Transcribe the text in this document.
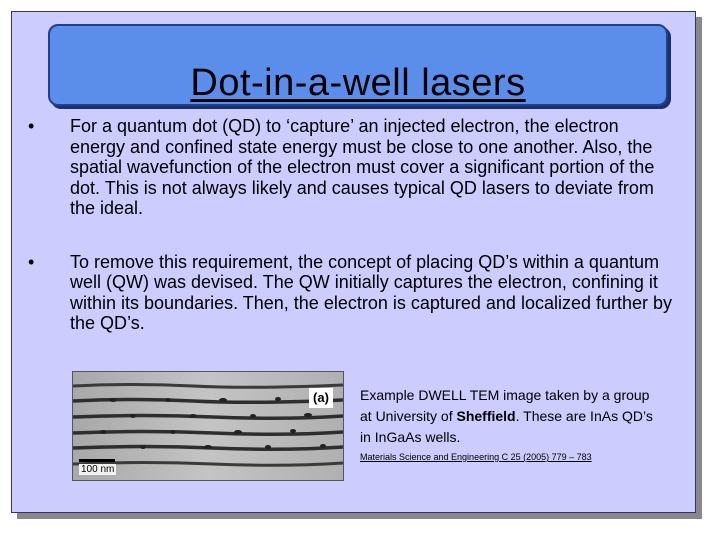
Dot-in-a-well lasers
•	For a quantum dot (QD) to ‘capture’ an injected electron, the electron energy and confined state energy must be close to one another. Also, the spatial wavefunction of the electron must cover a significant portion of the dot. This is not always likely and causes typical QD lasers to deviate from the ideal.
•	To remove this requirement, the concept of placing QD’s within a quantum well (QW) was devised. The QW initially captures the electron, confining it within its boundaries. Then, the electron is captured and localized further by the QD’s.
(a)
100 nm
Example DWELL TEM image taken by a group at University of Sheffield. These are InAs QD’s in InGaAs wells.
Materials Science and Engineering C 25 (2005) 779 – 783
